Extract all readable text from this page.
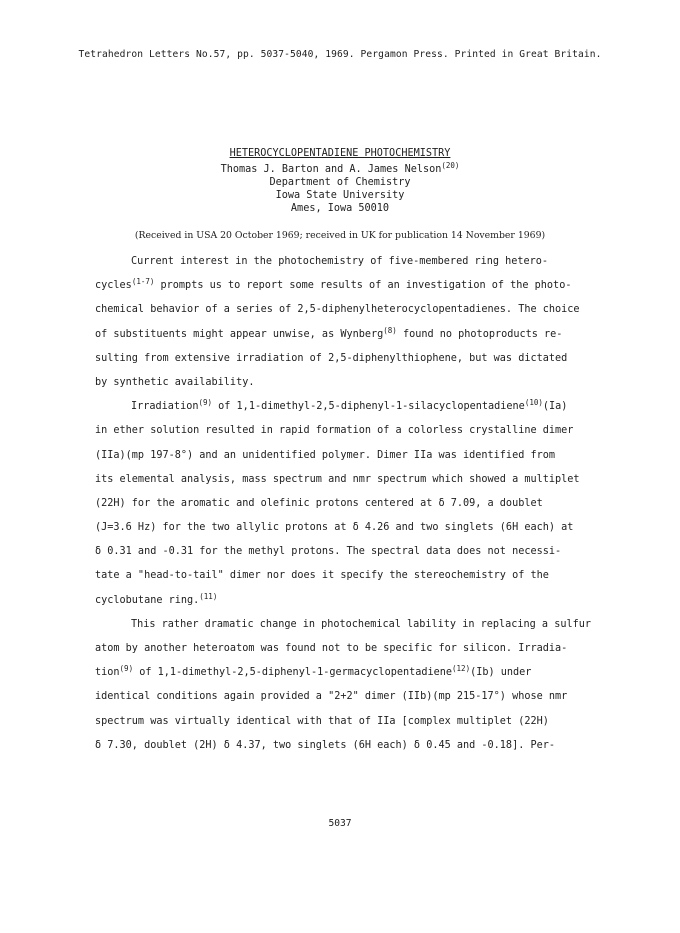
Tetrahedron Letters No.57, pp. 5037-5040, 1969. Pergamon Press. Printed in Great Britain.
HETEROCYCLOPENTADIENE PHOTOCHEMISTRY
Thomas J. Barton and A. James Nelson$^{(20)}$
Department of Chemistry
Iowa State University
Ames, Iowa 50010
(Received in USA 20 October 1969; received in UK for publication 14 November 1969)
Current interest in the photochemistry of five-membered ring hetero-
cycles$^{(1-7)}$ prompts us to report some results of an investigation of the photo-
chemical behavior of a series of 2,5-diphenylheterocyclopentadienes. The choice
of substituents might appear unwise, as Wynberg$^{(8)}$ found no photoproducts re-
sulting from extensive irradiation of 2,5-diphenylthiophene, but was dictated
by synthetic availability.
Irradiation$^{(9)}$ of 1,1-dimethyl-2,5-diphenyl-1-silacyclopentadiene$^{(10)}$(Ia)
in ether solution resulted in rapid formation of a colorless crystalline dimer
(IIa)(mp 197-8°) and an unidentified polymer. Dimer IIa was identified from
its elemental analysis, mass spectrum and nmr spectrum which showed a multiplet
(22H) for the aromatic and olefinic protons centered at δ 7.09, a doublet
(J=3.6 Hz) for the two allylic protons at δ 4.26 and two singlets (6H each) at
δ 0.31 and -0.31 for the methyl protons. The spectral data does not necessi-
tate a "head-to-tail" dimer nor does it specify the stereochemistry of the
cyclobutane ring.$^{(11)}$
This rather dramatic change in photochemical lability in replacing a sulfur
atom by another heteroatom was found not to be specific for silicon. Irradia-
tion$^{(9)}$ of 1,1-dimethyl-2,5-diphenyl-1-germacyclopentadiene$^{(12)}$(Ib) under
identical conditions again provided a "2+2" dimer (IIb)(mp 215-17°) whose nmr
spectrum was virtually identical with that of IIa [complex multiplet (22H)
δ 7.30, doublet (2H) δ 4.37, two singlets (6H each) δ 0.45 and -0.18]. Per-
5037
